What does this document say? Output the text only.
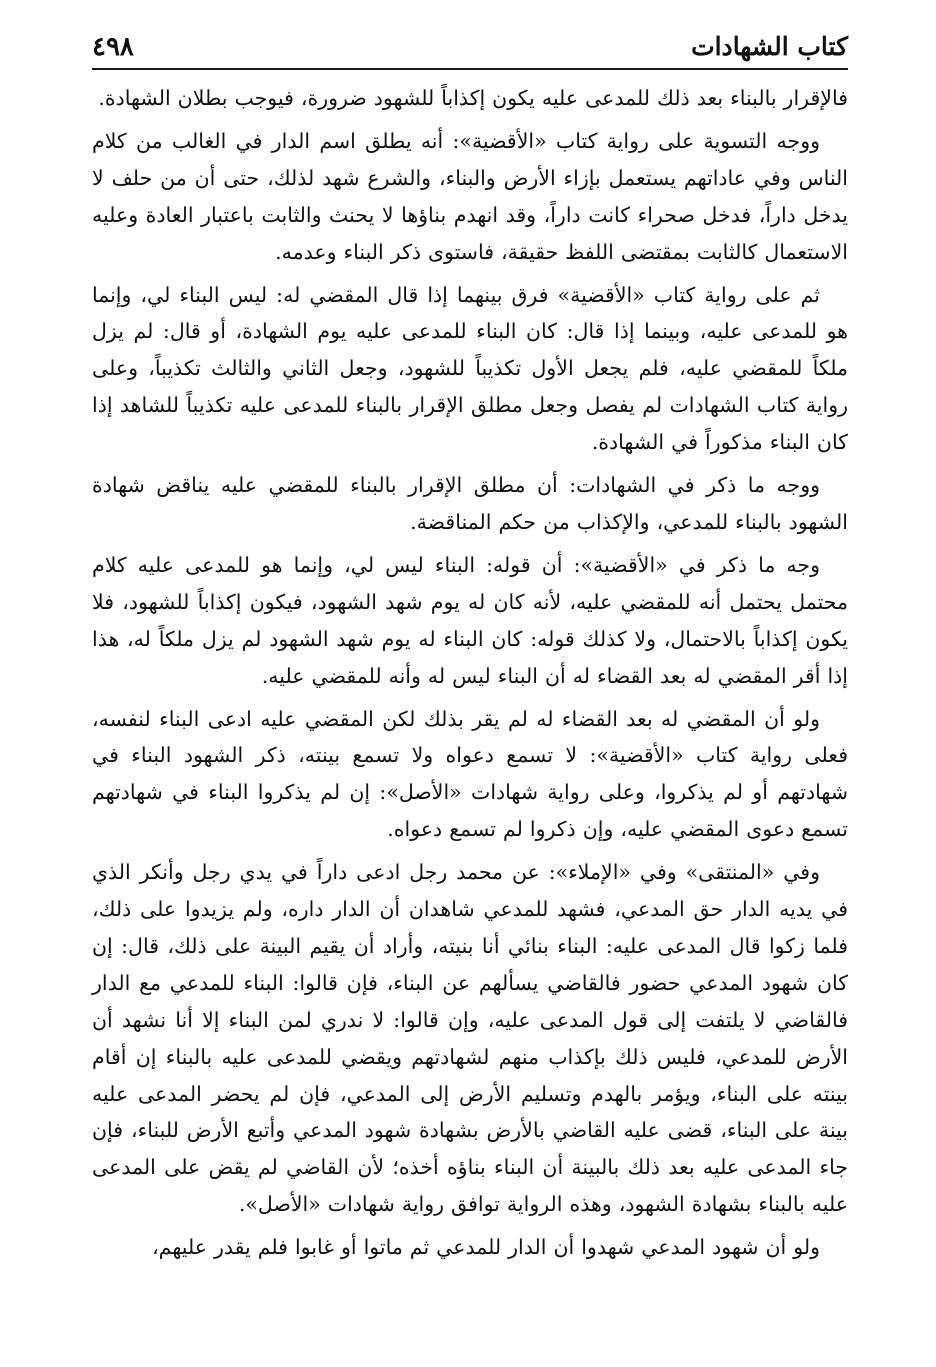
كتاب الشهادات
٤٩٨

فالإقرار بالبناء بعد ذلك للمدعى عليه يكون إكذاباً للشهود ضرورة، فيوجب بطلان الشهادة.

ووجه التسوية على رواية كتاب «الأقضية»: أنه يطلق اسم الدار في الغالب من كلام الناس وفي عاداتهم يستعمل بإزاء الأرض والبناء، والشرع شهد لذلك، حتى أن من حلف لا يدخل داراً، فدخل صحراء كانت داراً، وقد انهدم بناؤها لا يحنث والثابت باعتبار العادة وعليه الاستعمال كالثابت بمقتضى اللفظ حقيقة، فاستوى ذكر البناء وعدمه.

ثم على رواية كتاب «الأقضية» فرق بينهما إذا قال المقضي له: ليس البناء لي، وإنما هو للمدعى عليه، وبينما إذا قال: كان البناء للمدعى عليه يوم الشهادة، أو قال: لم يزل ملكاً للمقضي عليه، فلم يجعل الأول تكذيباً للشهود، وجعل الثاني والثالث تكذيباً، وعلى رواية كتاب الشهادات لم يفصل وجعل مطلق الإقرار بالبناء للمدعى عليه تكذيباً للشاهد إذا كان البناء مذكوراً في الشهادة.

ووجه ما ذكر في الشهادات: أن مطلق الإقرار بالبناء للمقضي عليه يناقض شهادة الشهود بالبناء للمدعي، والإكذاب من حكم المناقضة.

وجه ما ذكر في «الأقضية»: أن قوله: البناء ليس لي، وإنما هو للمدعى عليه كلام محتمل يحتمل أنه للمقضي عليه، لأنه كان له يوم شهد الشهود، فيكون إكذاباً للشهود، فلا يكون إكذاباً بالاحتمال، ولا كذلك قوله: كان البناء له يوم شهد الشهود لم يزل ملكاً له، هذا إذا أقر المقضي له بعد القضاء له أن البناء ليس له وأنه للمقضي عليه.

ولو أن المقضي له بعد القضاء له لم يقر بذلك لكن المقضي عليه ادعى البناء لنفسه، فعلى رواية كتاب «الأقضية»: لا تسمع دعواه ولا تسمع بينته، ذكر الشهود البناء في شهادتهم أو لم يذكروا، وعلى رواية شهادات «الأصل»: إن لم يذكروا البناء في شهادتهم تسمع دعوى المقضي عليه، وإن ذكروا لم تسمع دعواه.

وفي «المنتقى» وفي «الإملاء»: عن محمد رجل ادعى داراً في يدي رجل وأنكر الذي في يديه الدار حق المدعي، فشهد للمدعي شاهدان أن الدار داره، ولم يزيدوا على ذلك، فلما زكوا قال المدعى عليه: البناء بنائي أنا بنيته، وأراد أن يقيم البينة على ذلك، قال: إن كان شهود المدعي حضور فالقاضي يسألهم عن البناء، فإن قالوا: البناء للمدعي مع الدار فالقاضي لا يلتفت إلى قول المدعى عليه، وإن قالوا: لا ندري لمن البناء إلا أنا نشهد أن الأرض للمدعي، فليس ذلك بإكذاب منهم لشهادتهم ويقضي للمدعى عليه بالبناء إن أقام بينته على البناء، ويؤمر بالهدم وتسليم الأرض إلى المدعي، فإن لم يحضر المدعى عليه بينة على البناء، قضى عليه القاضي بالأرض بشهادة شهود المدعي وأتبع الأرض للبناء، فإن جاء المدعى عليه بعد ذلك بالبينة أن البناء بناؤه أخذه؛ لأن القاضي لم يقض على المدعى عليه بالبناء بشهادة الشهود، وهذه الرواية توافق رواية شهادات «الأصل».

ولو أن شهود المدعي شهدوا أن الدار للمدعي ثم ماتوا أو غابوا فلم يقدر عليهم،
